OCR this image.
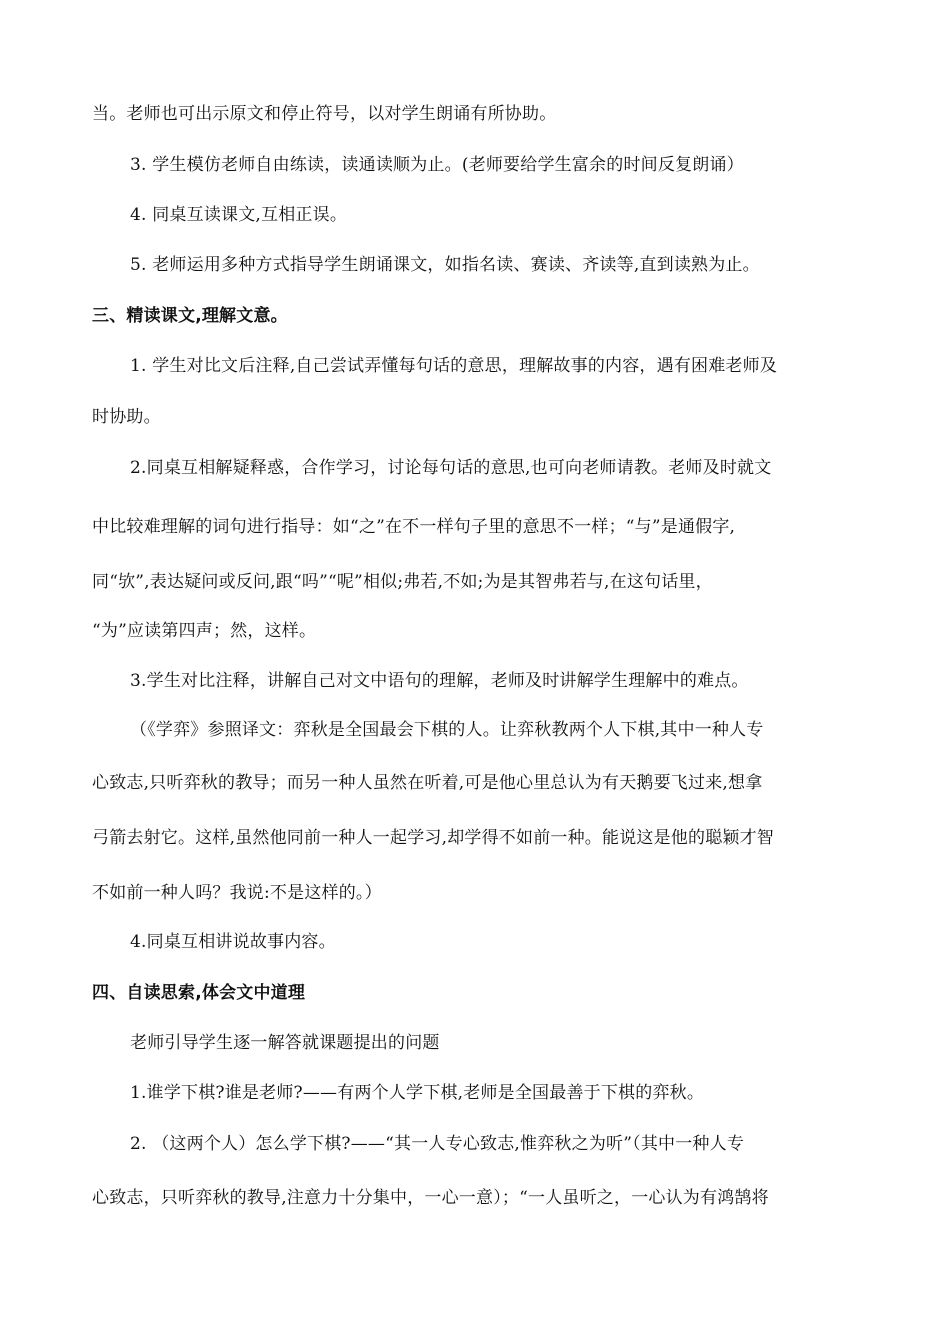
当。老师也可出示原文和停止符号，以对学生朗诵有所协助。
3. 学生模仿老师自由练读，读通读顺为止。(老师要给学生富余的时间反复朗诵）
4. 同桌互读课文,互相正误。
5. 老师运用多种方式指导学生朗诵课文，如指名读、赛读、齐读等,直到读熟为止。
三、精读课文,理解文意。
1. 学生对比文后注释,自己尝试弄懂每句话的意思，理解故事的内容，遇有困难老师及
时协助。
2.同桌互相解疑释惑，合作学习，讨论每句话的意思,也可向老师请教。老师及时就文
中比较难理解的词句进行指导：如“之”在不一样句子里的意思不一样；“与”是通假字,
同“欤”,表达疑问或反问,跟“吗”“呢”相似;弗若,不如;为是其智弗若与,在这句话里，
“为”应读第四声；然，这样。
3.学生对比注释，讲解自己对文中语句的理解，老师及时讲解学生理解中的难点。
（《学弈》参照译文：弈秋是全国最会下棋的人。让弈秋教两个人下棋,其中一种人专
心致志,只听弈秋的教导；而另一种人虽然在听着,可是他心里总认为有天鹅要飞过来,想拿
弓箭去射它。这样,虽然他同前一种人一起学习,却学得不如前一种。能说这是他的聪颖才智
不如前一种人吗？我说:不是这样的。）
4.同桌互相讲说故事内容。
四、自读思索,体会文中道理
老师引导学生逐一解答就课题提出的问题
1.谁学下棋?谁是老师?——有两个人学下棋,老师是全国最善于下棋的弈秋。
2. （这两个人）怎么学下棋?——“其一人专心致志,惟弈秋之为听”（其中一种人专
心致志，只听弈秋的教导,注意力十分集中，一心一意）；“一人虽听之，一心认为有鸿鹄将
